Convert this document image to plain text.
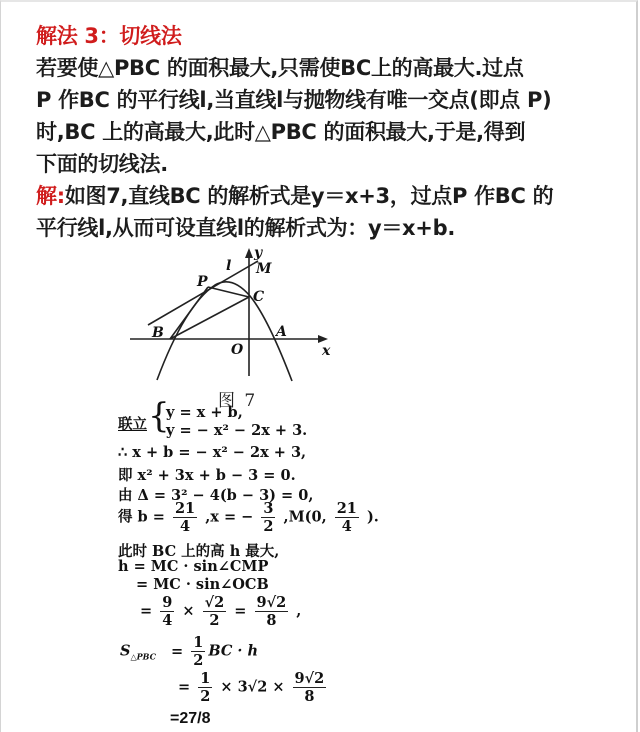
解法 3：切线法
若要使△PBC 的面积最大,只需使BC上的高最大.过点
P 作BC 的平行线l,当直线l与抛物线有唯一交点(即点 P)
时,BC 上的高最大,此时△PBC 的面积最大,于是,得到
下面的切线法.
解:如图7,直线BC 的解析式是y＝x+3，过点P 作BC 的
平行线l,从而可设直线l的解析式为：y＝x+b.
y
l M
P
C
B	A
O	x
图 7
联立 {
y = x + b,
y = − x² − 2x + 3.
∴ x + b = − x² − 2x + 3,
即 x² + 3x + b − 3 = 0.
由 Δ = 3² − 4(b − 3) = 0,
得 $b = \frac{21}{4} ,x$ = − $\frac{3}{2} ,M(0$, $\frac{21}{4}$ ).
此时 BC 上的高 h 最大,
h = MC · sin∠CMP
= MC · sin∠OCB
= $\frac{9}{4} \times \frac{√2}{2} = \frac{9√2}{8}$ ,
$S_{\triangle PBC} = \frac{1}{2}$ BC · h
= $\frac{1}{2} \times 3√2 \times \frac{9√2}{8}$
=27/8
